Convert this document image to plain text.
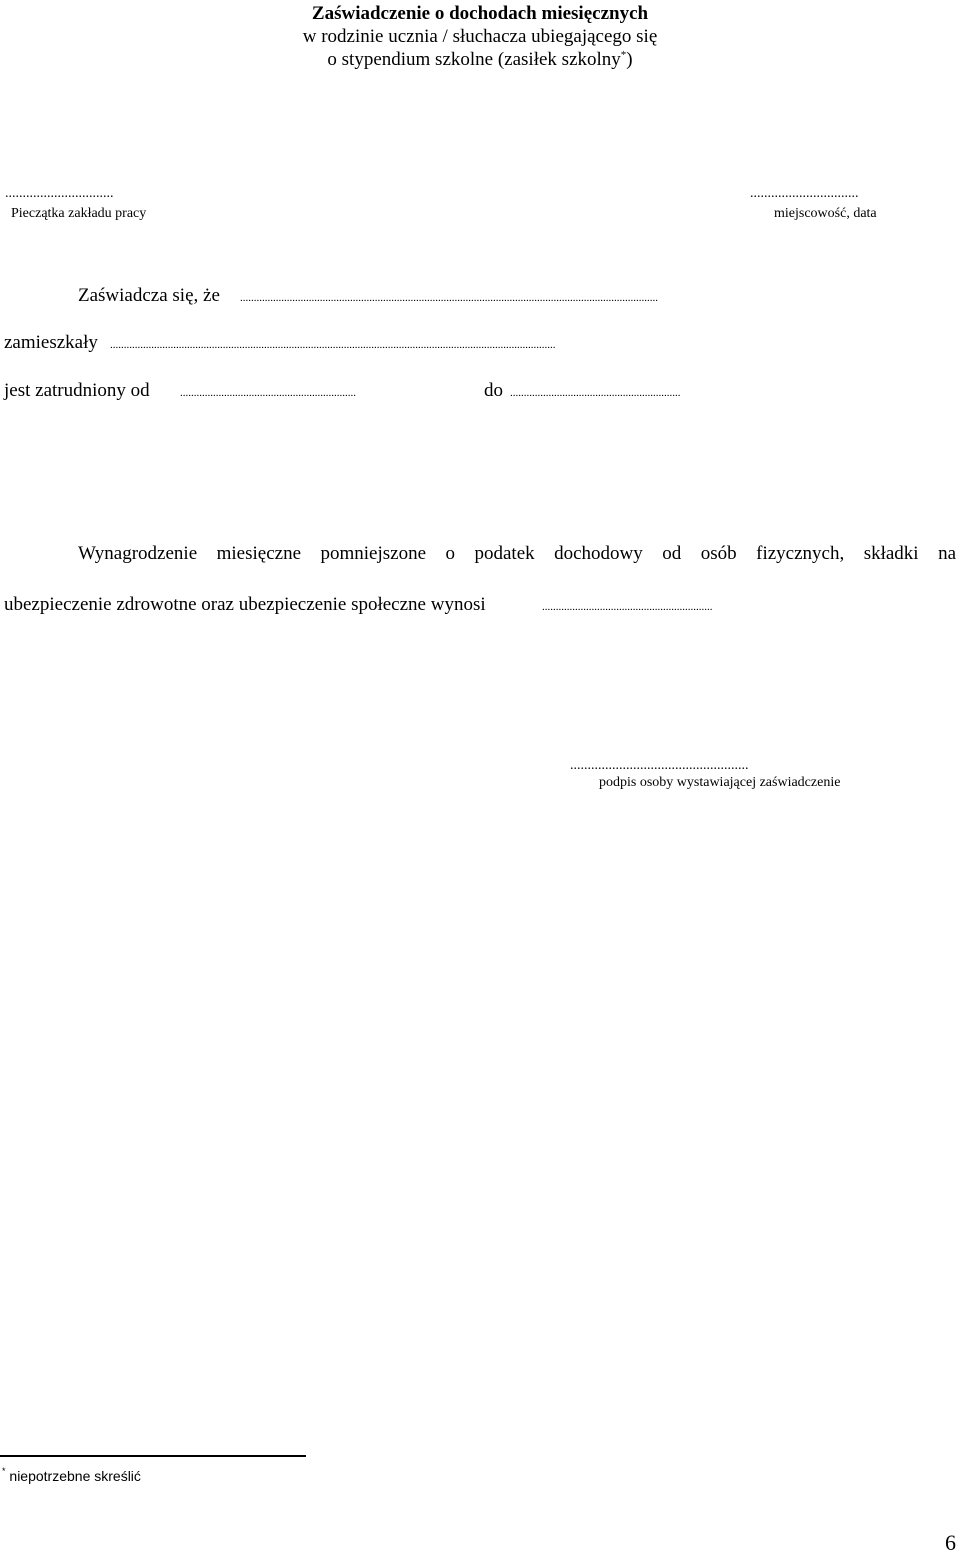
Zaświadczenie o dochodach miesięcznych
w rodzinie ucznia / słuchacza ubiegającego się
o stypendium szkolne (zasiłek szkolny*)
...............................
Pieczątka zakładu pracy
...............................
miejscowość, data
Zaświadcza się, że ........................................................................................................................................................
zamieszkały ..................................................................................................................................................................
jest zatrudniony od	................................................................	do ..............................................................
Wynagrodzenie miesięczne pomniejszone o podatek dochodowy od osób fizycznych, składki na
ubezpieczenie zdrowotne oraz ubezpieczenie społeczne wynosi	..............................................................
...................................................
podpis osoby wystawiającej zaświadczenie
* niepotrzebne skreślić
6
